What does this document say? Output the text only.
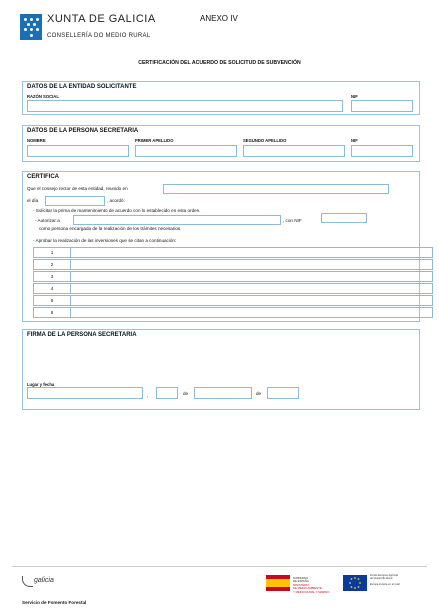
XUNTA DE GALICIA
CONSELLERÍA DO MEDIO RURAL
ANEXO IV
CERTIFICACIÓN DEL ACUERDO DE SOLICITUD DE SUBVENCIÓN
DATOS DE LA ENTIDAD SOLICITANTE
RAZÓN SOCIAL	NIF
DATOS DE LA PERSONA SECRETARIA
NOMBRE	PRIMER APELLIDO	SEGUNDO APELLIDO	NIF
CERTIFICA
Que el consejo rector de esta entidad, reunido en
el día	, acordó:
- Solicitar la prima de mantenimiento de acuerdo con lo establecido en esta orden.
- Autorizar a	, con NIF
como persona encargada de la realización de los trámites necesarios.
- Aprobar la realización de las inversiones que se citan a continuación:
1
2
3
4
5
6
FIRMA DE LA PERSONA SECRETARIA
Lugar y fecha
,	de	de
galicia	GOBIERNO
DE ESPAÑA
MINISTERIO
DE MEDIO AMBIENTE
Y MEDIO RURAL Y MARINO
Fondo Europeo Agrícola
de Desarrollo Rural
Europa invierte en el rural
Servicio de Fomento Forestal
